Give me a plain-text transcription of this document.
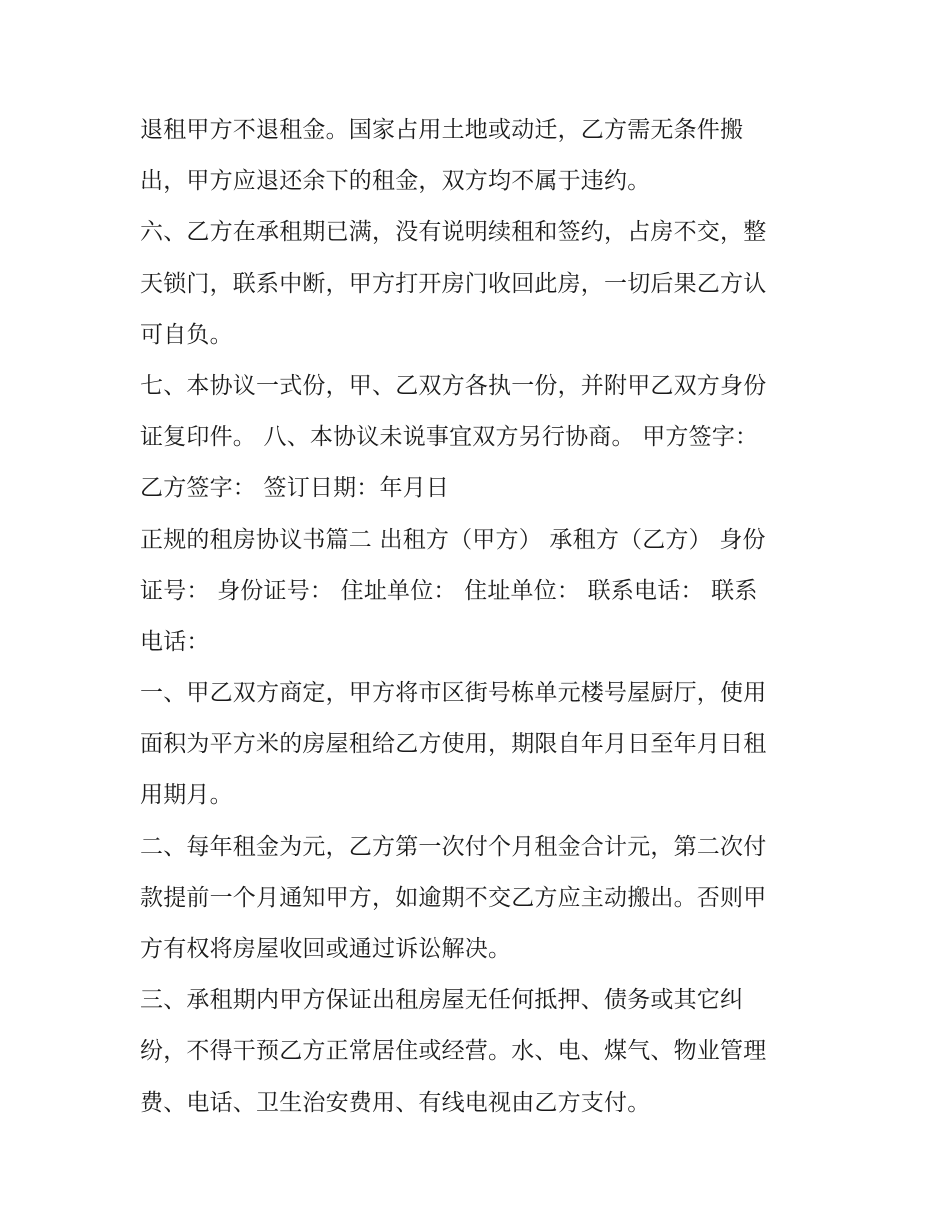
退租甲方不退租金。国家占用土地或动迁，乙方需无条件搬
出，甲方应退还余下的租金，双方均不属于违约。
六、乙方在承租期已满，没有说明续租和签约，占房不交，整
天锁门，联系中断，甲方打开房门收回此房，一切后果乙方认
可自负。
七、本协议一式份，甲、乙双方各执一份，并附甲乙双方身份
证复印件。 八、本协议未说事宜双方另行协商。 甲方签字：
乙方签字： 签订日期：年月日
正规的租房协议书篇二 出租方（甲方） 承租方（乙方） 身份
证号： 身份证号： 住址单位： 住址单位： 联系电话： 联系
电话：
一、甲乙双方商定，甲方将市区街号栋单元楼号屋厨厅，使用
面积为平方米的房屋租给乙方使用，期限自年月日至年月日租
用期月。
二、每年租金为元，乙方第一次付个月租金合计元，第二次付
款提前一个月通知甲方，如逾期不交乙方应主动搬出。否则甲
方有权将房屋收回或通过诉讼解决。
三、承租期内甲方保证出租房屋无任何抵押、债务或其它纠
纷，不得干预乙方正常居住或经营。水、电、煤气、物业管理
费、电话、卫生治安费用、有线电视由乙方支付。
